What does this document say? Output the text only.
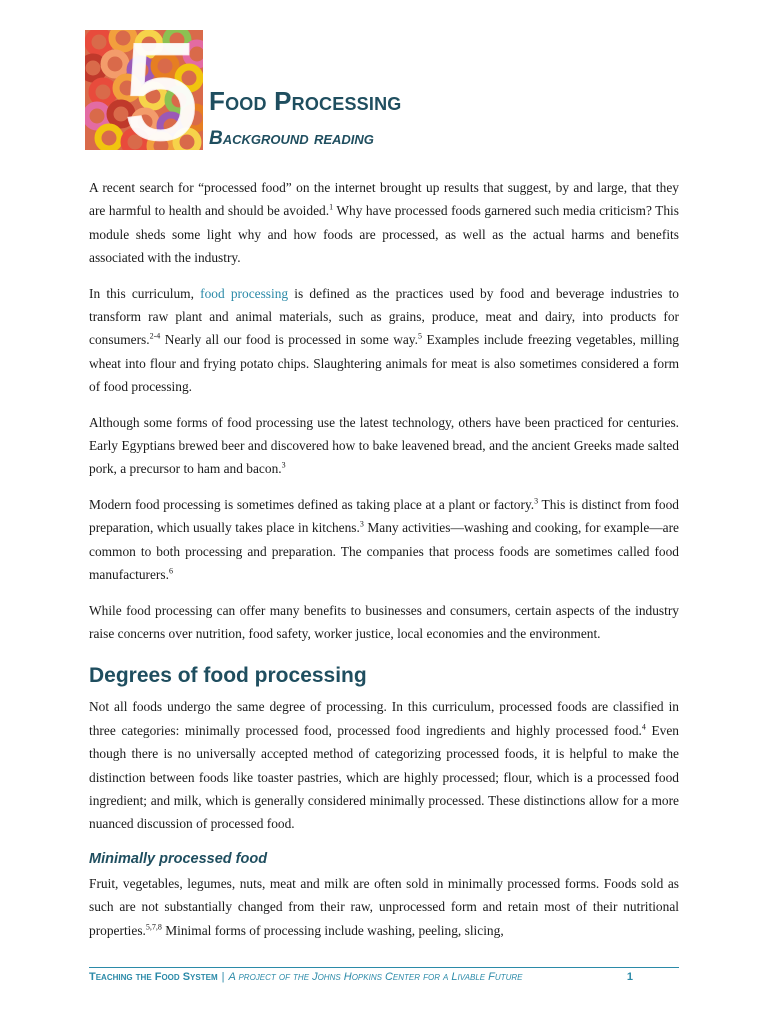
5 Food Processing
Background reading

A recent search for “processed food” on the internet brought up results that suggest, by and large, that they are harmful to health and should be avoided.$^1$ Why have processed foods garnered such media criticism? This module sheds some light why and how foods are processed, as well as the actual harms and benefits associated with the industry.

In this curriculum, food processing is defined as the practices used by food and beverage industries to transform raw plant and animal materials, such as grains, produce, meat and dairy, into products for consumers.$^{2-4}$ Nearly all our food is processed in some way.$^5$ Examples include freezing vegetables, milling wheat into flour and frying potato chips. Slaughtering animals for meat is also sometimes considered a form of food processing.

Although some forms of food processing use the latest technology, others have been practiced for centuries. Early Egyptians brewed beer and discovered how to bake leavened bread, and the ancient Greeks made salted pork, a precursor to ham and bacon.$^3$

Modern food processing is sometimes defined as taking place at a plant or factory.$^3$ This is distinct from food preparation, which usually takes place in kitchens.$^3$ Many activities—washing and cooking, for example—are common to both processing and preparation. The companies that process foods are sometimes called food manufacturers.$^6$

While food processing can offer many benefits to businesses and consumers, certain aspects of the industry raise concerns over nutrition, food safety, worker justice, local economies and the environment.

Degrees of food processing

Not all foods undergo the same degree of processing. In this curriculum, processed foods are classified in three categories: minimally processed food, processed food ingredients and highly processed food.$^4$ Even though there is no universally accepted method of categorizing processed foods, it is helpful to make the distinction between foods like toaster pastries, which are highly processed; flour, which is a processed food ingredient; and milk, which is generally considered minimally processed. These distinctions allow for a more nuanced discussion of processed food.

Minimally processed food

Fruit, vegetables, legumes, nuts, meat and milk are often sold in minimally processed forms. Foods sold as such are not substantially changed from their raw, unprocessed form and retain most of their nutritional properties.$^{5,7,8}$ Minimal forms of processing include washing, peeling, slicing,

Teaching the Food System | A project of the Johns Hopkins Center for a Livable Future	1
